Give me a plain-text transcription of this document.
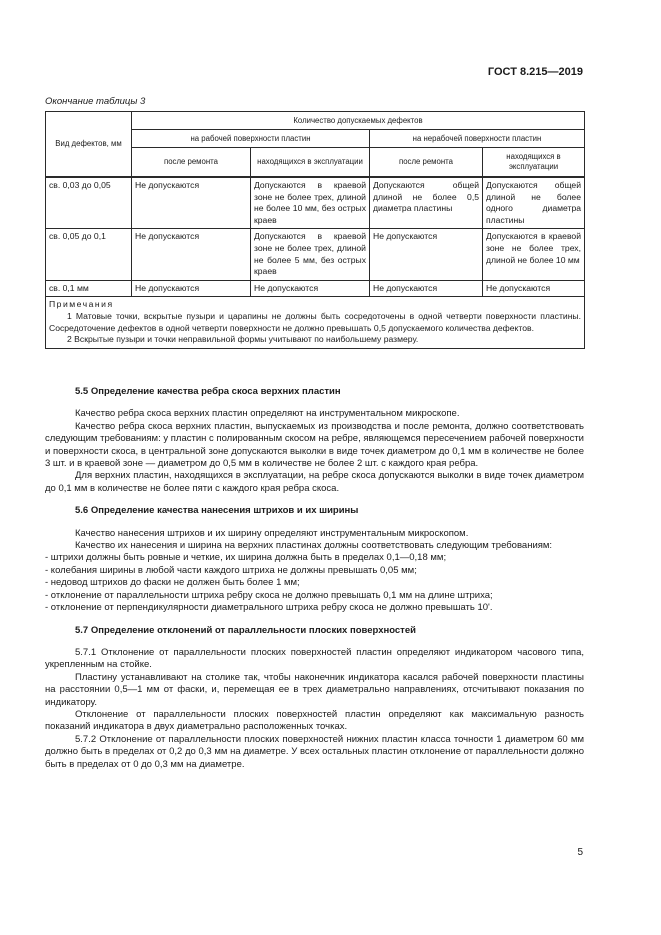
ГОСТ 8.215—2019
Окончание таблицы 3
Вид дефектов, мм	Количество допускаемых дефектов			
	на рабочей поверхности пластин		на нерабочей поверхности пластин	
	после ремонта	находящихся в эксплуатации	после ремонта	находящихся в эксплуатации
св. 0,03 до 0,05	Не допускаются	Допускаются в краевой зоне не более трех, длиной не более 10 мм, без острых краев	Допускаются общей длиной не более 0,5 диаметра пластины	Допускаются общей длиной не более одного диаметра пластины
св. 0,05 до 0,1	Не допускаются	Допускаются в краевой зоне не более трех, длиной не более 5 мм, без острых краев	Не допускаются	Допускаются в краевой зоне не более трех, длиной не более 10 мм
св. 0,1 мм	Не допускаются	Не допускаются	Не допускаются	Не допускаются

Примечания
1 Матовые точки, вскрытые пузыри и царапины не должны быть сосредоточены в одной четверти поверхности пластины. Сосредоточение дефектов в одной четверти поверхности не должно превышать 0,5 допускаемого количества дефектов.
2 Вскрытые пузыри и точки неправильной формы учитывают по наибольшему размеру.				
5.5 Определение качества ребра скоса верхних пластин

Качество ребра скоса верхних пластин определяют на инструментальном микроскопе.

Качество ребра скоса верхних пластин, выпускаемых из производства и после ремонта, должно соответствовать следующим требованиям: у пластин с полированным скосом на ребре, являющемся пересечением рабочей поверхности и поверхности скоса, в центральной зоне допускаются выколки в виде точек диаметром до 0,1 мм в количестве не более 3 шт. и в краевой зоне — диаметром до 0,5 мм в количестве не более 2 шт. с каждого края ребра.

Для верхних пластин, находящихся в эксплуатации, на ребре скоса допускаются выколки в виде точек диаметром до 0,1 мм в количестве не более пяти с каждого края ребра скоса.

5.6 Определение качества нанесения штрихов и их ширины

Качество нанесения штрихов и их ширину определяют инструментальным микроскопом.

Качество их нанесения и ширина на верхних пластинах должны соответствовать следующим требованиям:

- штрихи должны быть ровные и четкие, их ширина должна быть в пределах 0,1—0,18 мм;

- колебания ширины в любой части каждого штриха не должны превышать 0,05 мм;

- недовод штрихов до фаски не должен быть более 1 мм;

- отклонение от параллельности штриха ребру скоса не должно превышать 0,1 мм на длине штриха;

- отклонение от перпендикулярности диаметрального штриха ребру скоса не должно превышать 10'.

5.7 Определение отклонений от параллельности плоских поверхностей

5.7.1 Отклонение от параллельности плоских поверхностей пластин определяют индикатором часового типа, укрепленным на стойке.

Пластину устанавливают на столике так, чтобы наконечник индикатора касался рабочей поверхности пластины на расстоянии 0,5—1 мм от фаски, и, перемещая ее в трех диаметрально направлениях, отсчитывают показания по индикатору.

Отклонение от параллельности плоских поверхностей пластин определяют как максимальную разность показаний индикатора в двух диаметрально расположенных точках.

5.7.2 Отклонение от параллельности плоских поверхностей нижних пластин класса точности 1 диаметром 60 мм должно быть в пределах от 0,2 до 0,3 мм на диаметре. У всех остальных пластин отклонение от параллельности должно быть в пределах от 0 до 0,3 мм на диаметре.

5
